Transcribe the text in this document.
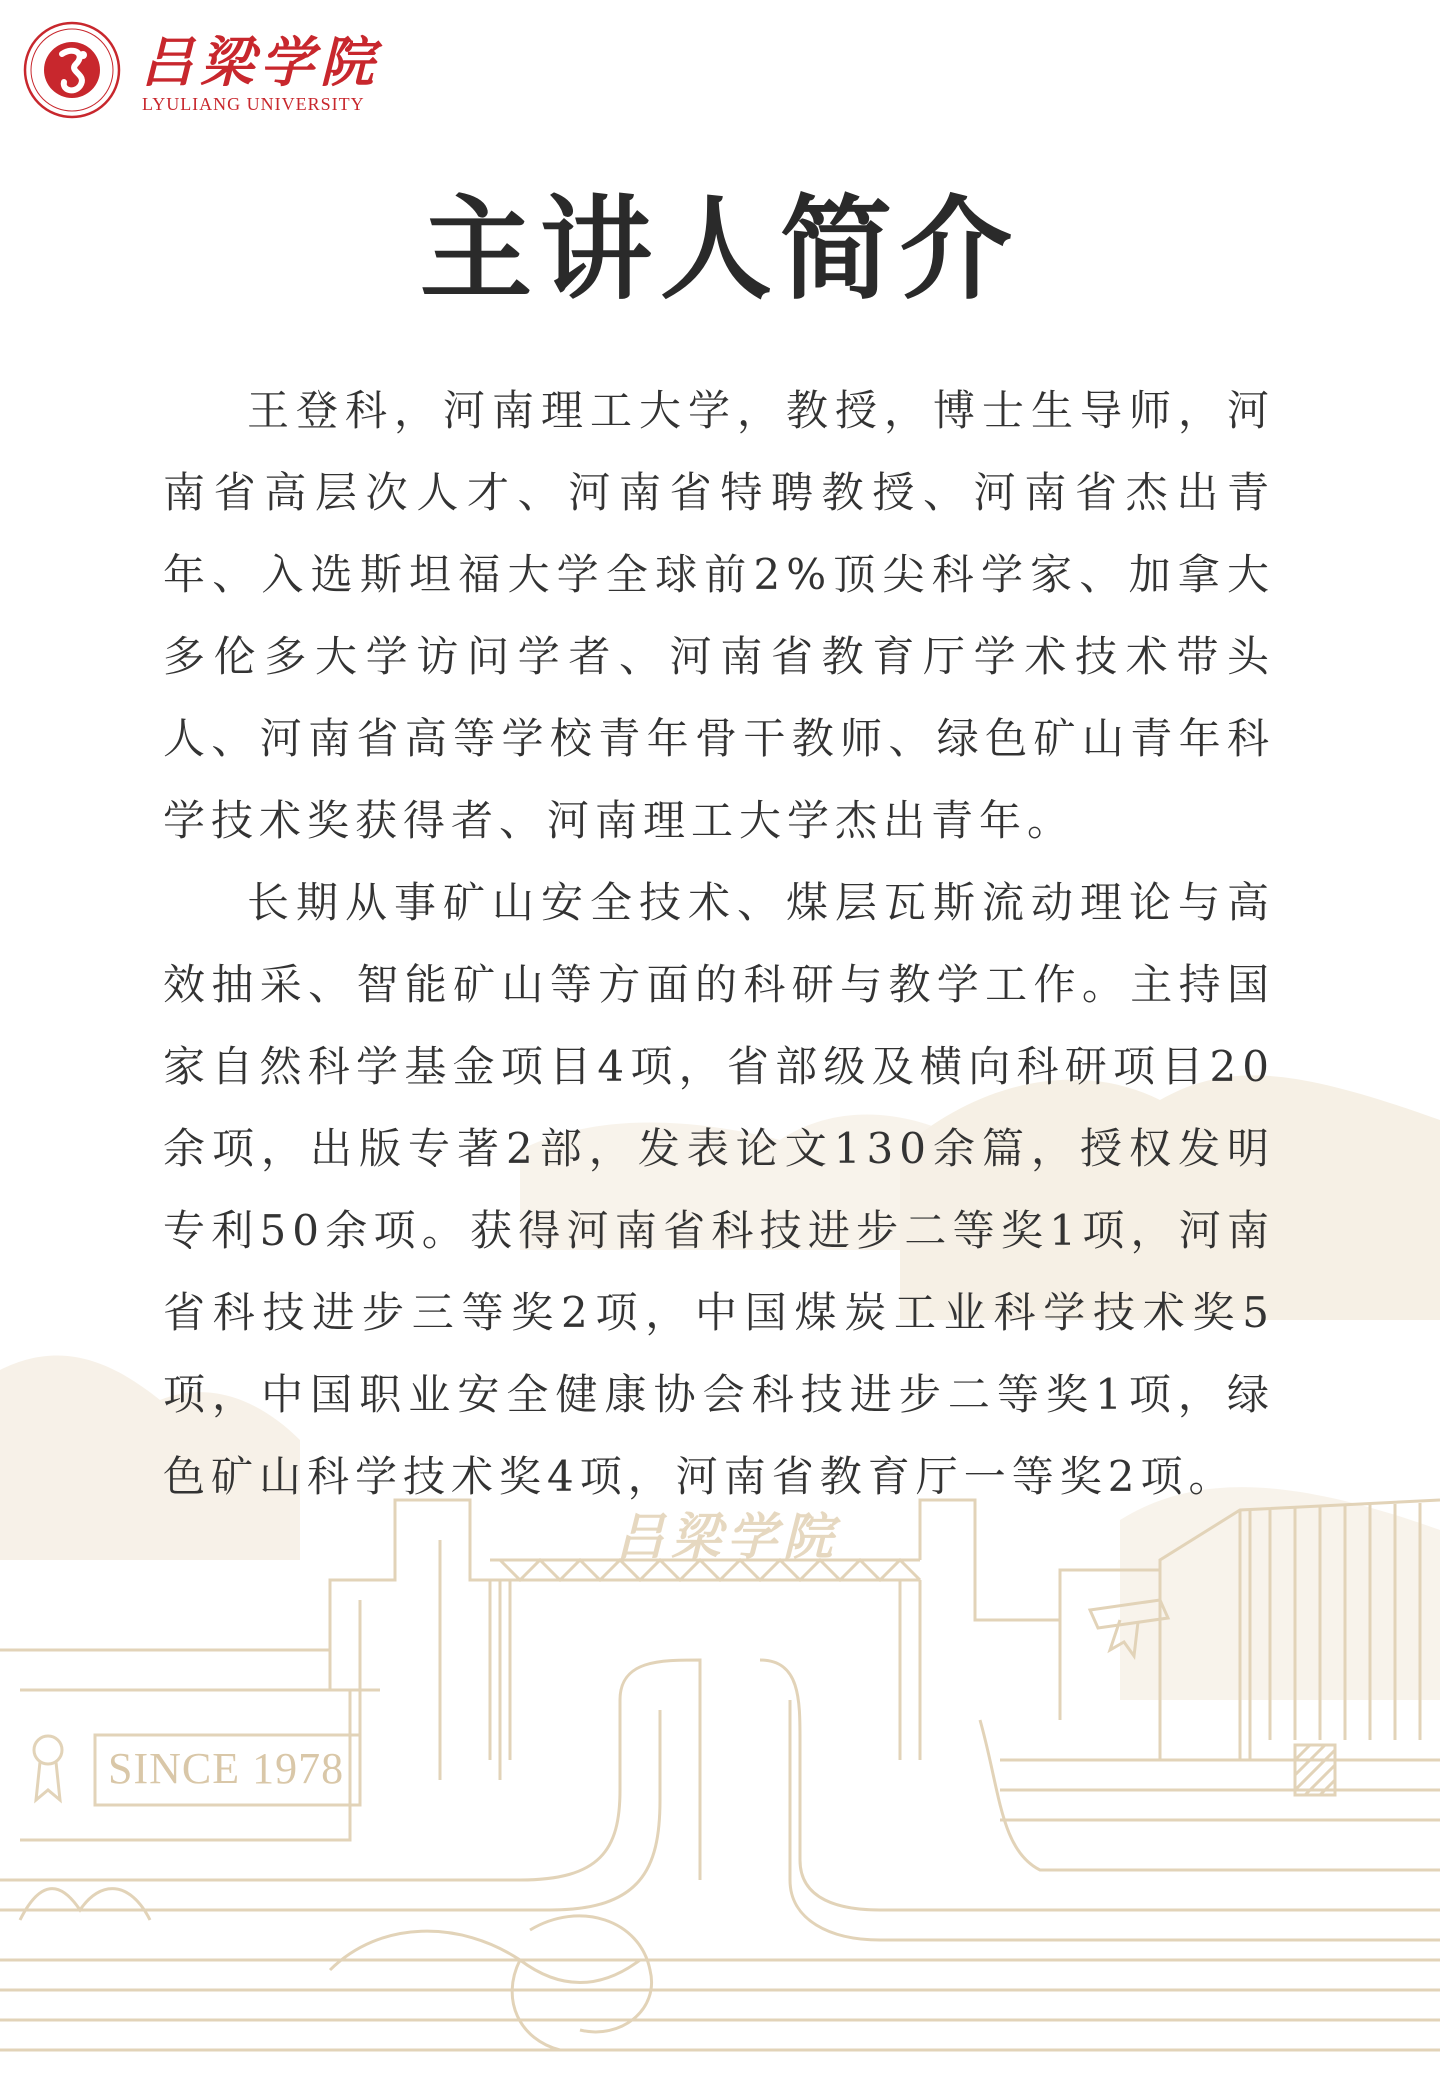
吕梁学院
LYULIANG UNIVERSITY
主讲人简介

王登科，河南理工大学，教授，博士生导师，河南省高层次人才、河南省特聘教授、河南省杰出青年、入选斯坦福大学全球前2%顶尖科学家、加拿大多伦多大学访问学者、河南省教育厅学术技术带头人、河南省高等学校青年骨干教师、绿色矿山青年科学技术奖获得者、河南理工大学杰出青年。

长期从事矿山安全技术、煤层瓦斯流动理论与高效抽采、智能矿山等方面的科研与教学工作。主持国家自然科学基金项目4项，省部级及横向科研项目20余项，出版专著2部，发表论文130余篇，授权发明专利50余项。获得河南省科技进步二等奖1项，河南省科技进步三等奖2项，中国煤炭工业科学技术奖5项，中国职业安全健康协会科技进步二等奖1项，绿色矿山科学技术奖4项，河南省教育厅一等奖2项。

吕梁学院
SINCE 1978
